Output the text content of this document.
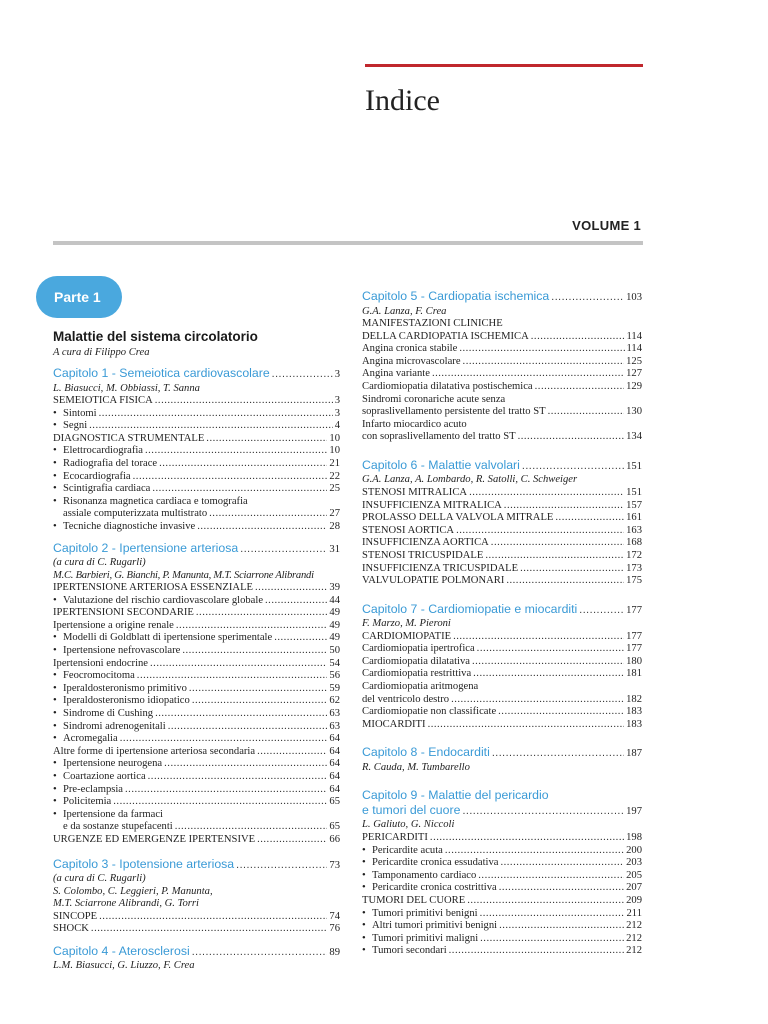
Indice
VOLUME 1
Parte 1
Malattie del sistema circolatorio
A cura di Filippo Crea
Capitolo 1 - Semeiotica cardiovascolare .....	3
L. Biasucci, M. Obbiassi, T. Sanna
SEMEIOTICA FISICA .....	3
• Sintomi .....	3
• Segni .....	4
DIAGNOSTICA STRUMENTALE .....	10
• Elettrocardiografia .....	10
• Radiografia del torace .....	21
• Ecocardiografia .....	22
• Scintigrafia cardiaca .....	25
• Risonanza magnetica cardiaca e tomografia
assiale computerizzata multistrato .....	27
• Tecniche diagnostiche invasive .....	28
Capitolo 2 - Ipertensione arteriosa .....	31
(a cura di C. Rugarli)
M.C. Barbieri, G. Bianchi, P. Manunta, M.T. Sciarrone Alibrandi
IPERTENSIONE ARTERIOSA ESSENZIALE .....	39
• Valutazione del rischio cardiovascolare globale .....	44
IPERTENSIONI SECONDARIE .....	49
Ipertensione a origine renale .....	49
• Modelli di Goldblatt di ipertensione sperimentale .....	49
• Ipertensione nefrovascolare .....	50
Ipertensioni endocrine .....	54
• Feocromocitoma .....	56
• Iperaldosteronismo primitivo .....	59
• Iperaldosteronismo idiopatico .....	62
• Sindrome di Cushing .....	63
• Sindromi adrenogenitali .....	63
• Acromegalia .....	64
Altre forme di ipertensione arteriosa secondaria .....	64
• Ipertensione neurogena .....	64
• Coartazione aortica .....	64
• Pre-eclampsia .....	64
• Policitemia .....	65
• Ipertensione da farmaci
e da sostanze stupefacenti .....	65
URGENZE ED EMERGENZE IPERTENSIVE .....	66
Capitolo 3 - Ipotensione arteriosa .....	73
(a cura di C. Rugarli)
S. Colombo, C. Leggieri, P. Manunta,
M.T. Sciarrone Alibrandi, G. Torri
SINCOPE .....	74
SHOCK .....	76
Capitolo 4 - Aterosclerosi .....	89
L.M. Biasucci, G. Liuzzo, F. Crea
Capitolo 5 - Cardiopatia ischemica .....	103
G.A. Lanza, F. Crea
MANIFESTAZIONI CLINICHE
DELLA CARDIOPATIA ISCHEMICA .....	114
Angina cronica stabile .....	114
Angina microvascolare .....	125
Angina variante .....	127
Cardiomiopatia dilatativa postischemica .....	129
Sindromi coronariche acute senza
sopraslivellamento persistente del tratto ST .....	130
Infarto miocardico acuto
con sopraslivellamento del tratto ST .....	134
Capitolo 6 - Malattie valvolari .....	151
G.A. Lanza, A. Lombardo, R. Satolli, C. Schweiger
STENOSI MITRALICA .....	151
INSUFFICIENZA MITRALICA .....	157
PROLASSO DELLA VALVOLA MITRALE .....	161
STENOSI AORTICA .....	163
INSUFFICIENZA AORTICA .....	168
STENOSI TRICUSPIDALE .....	172
INSUFFICIENZA TRICUSPIDALE .....	173
VALVULOPATIE POLMONARI .....	175
Capitolo 7 - Cardiomiopatie e miocarditi .....	177
F. Marzo, M. Pieroni
CARDIOMIOPATIE .....	177
Cardiomiopatia ipertrofica .....	177
Cardiomiopatia dilatativa .....	180
Cardiomiopatia restrittiva .....	181
Cardiomiopatia aritmogena
del ventricolo destro .....	182
Cardiomiopatie non classificate .....	183
MIOCARDITI .....	183
Capitolo 8 - Endocarditi .....	187
R. Cauda, M. Tumbarello
Capitolo 9 - Malattie del pericardio
e tumori del cuore .....	197
L. Galiuto, G. Niccoli
PERICARDITI .....	198
• Pericardite acuta .....	200
• Pericardite cronica essudativa .....	203
• Tamponamento cardiaco .....	205
• Pericardite cronica costrittiva .....	207
TUMORI DEL CUORE .....	209
• Tumori primitivi benigni .....	211
• Altri tumori primitivi benigni .....	212
• Tumori primitivi maligni .....	212
• Tumori secondari .....	212
